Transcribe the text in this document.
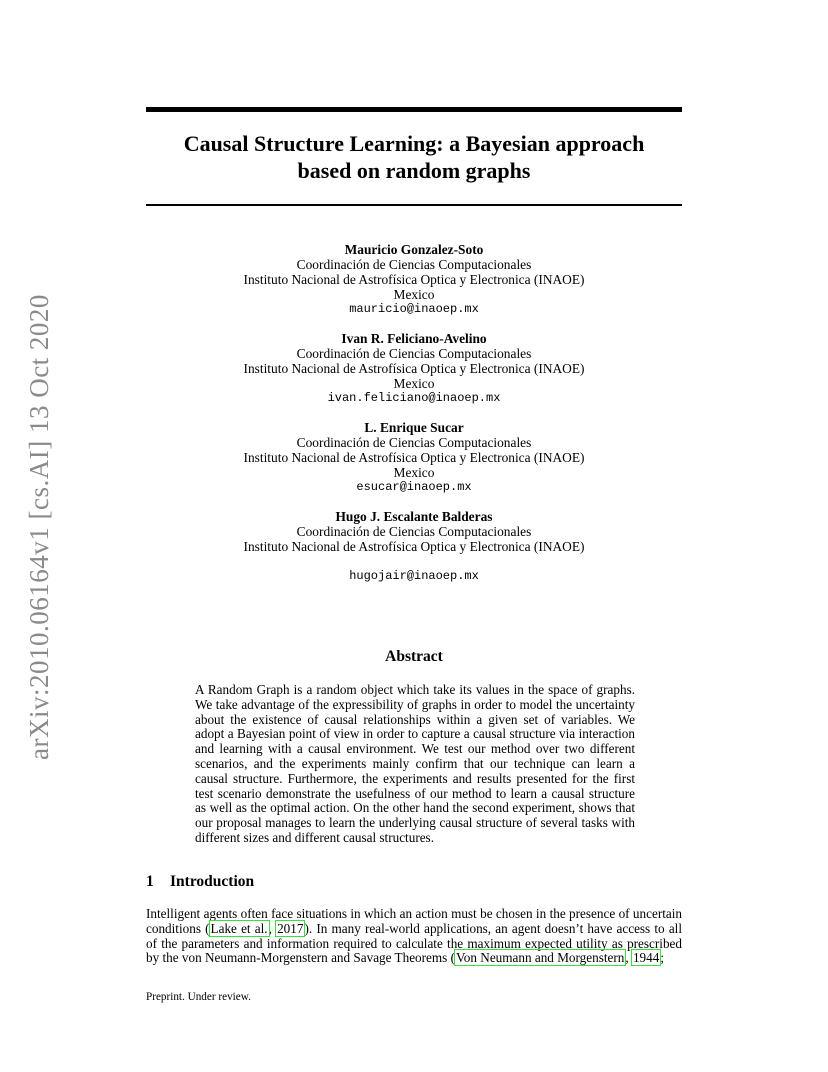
arXiv:2010.06164v1 [cs.AI] 13 Oct 2020
Causal Structure Learning: a Bayesian approach
based on random graphs
Mauricio Gonzalez-Soto
Coordinación de Ciencias Computacionales
Instituto Nacional de Astrofísica Optica y Electronica (INAOE)
Mexico
mauricio@inaoep.mx
Ivan R. Feliciano-Avelino
Coordinación de Ciencias Computacionales
Instituto Nacional de Astrofísica Optica y Electronica (INAOE)
Mexico
ivan.feliciano@inaoep.mx
L. Enrique Sucar
Coordinación de Ciencias Computacionales
Instituto Nacional de Astrofísica Optica y Electronica (INAOE)
Mexico
esucar@inaoep.mx
Hugo J. Escalante Balderas
Coordinación de Ciencias Computacionales
Instituto Nacional de Astrofísica Optica y Electronica (INAOE)
hugojair@inaoep.mx
Abstract
A Random Graph is a random object which take its values in the space of graphs. We take advantage of the expressibility of graphs in order to model the uncertainty about the existence of causal relationships within a given set of variables. We adopt a Bayesian point of view in order to capture a causal structure via interaction and learning with a causal environment. We test our method over two different scenarios, and the experiments mainly confirm that our technique can learn a causal structure. Furthermore, the experiments and results presented for the first test scenario demonstrate the usefulness of our method to learn a causal structure as well as the optimal action. On the other hand the second experiment, shows that our proposal manages to learn the underlying causal structure of several tasks with different sizes and different causal structures.
1 Introduction
Intelligent agents often face situations in which an action must be chosen in the presence of uncertain conditions (Lake et al., 2017). In many real-world applications, an agent doesn’t have access to all of the parameters and information required to calculate the maximum expected utility as prescribed by the von Neumann-Morgenstern and Savage Theorems (Von Neumann and Morgenstern, 1944;
Preprint. Under review.
